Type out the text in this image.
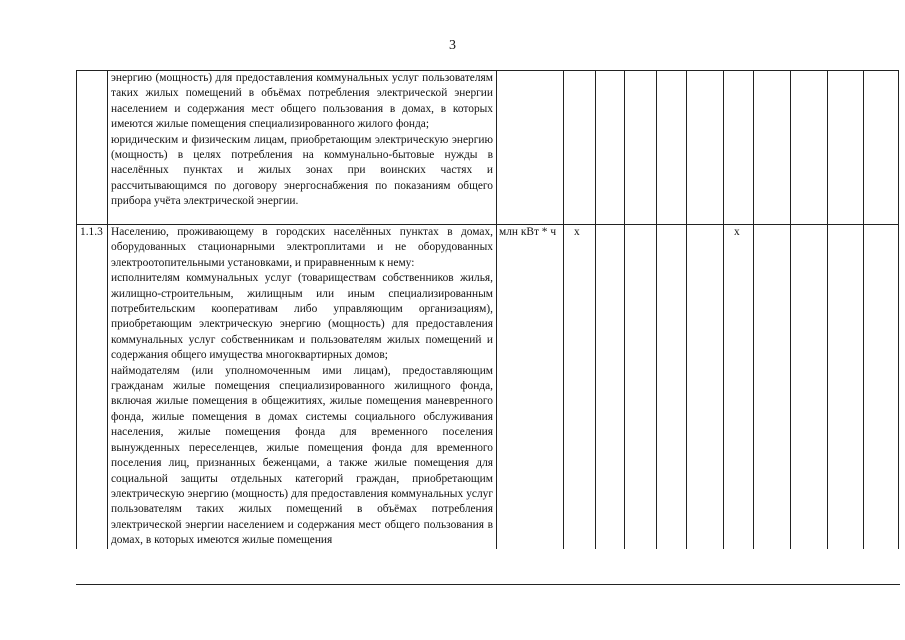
3

	энергию (мощность) для предоставления коммунальных услуг пользователям таких жилых помещений в объёмах потребления электрической энергии населением и содержания мест общего пользования в домах, в которых имеются жилые помещения специализированного жилого фонда;

юридическим и физическим лицам, приобретающим электрическую энергию (мощность) в целях потребления на коммунально-бытовые нужды в населённых пунктах и жилых зонах при воинских частях и рассчитывающимся по договору энергоснабжения по показаниям общего прибора учёта электрической энергии.											

1.1.3	Населению, проживающему в городских населённых пунктах в домах, оборудованных стационарными электроплитами и не оборудованных электроотопительными установками, и приравненным к нему:

исполнителям коммунальных услуг (товариществам собственников жилья, жилищно-строительным, жилищным или иным специализированным потребительским кооперативам либо управляющим организациям), приобретающим электрическую энергию (мощность) для предоставления коммунальных услуг собственникам и пользователям жилых помещений и содержания общего имущества многоквартирных домов;

наймодателям (или уполномоченным ими лицам), предоставляющим гражданам жилые помещения специализированного жилищного фонда, включая жилые помещения в общежитиях, жилые помещения маневренного фонда, жилые помещения в домах системы социального обслуживания населения, жилые помещения фонда для временного поселения вынужденных переселенцев, жилые помещения фонда для временного поселения лиц, признанных беженцами, а также жилые помещения для социальной защиты отдельных категорий граждан, приобретающим электрическую энергию (мощность) для предоставления коммунальных услуг пользователям таких жилых помещений в объёмах потребления электрической энергии населением и содержания мест общего пользования в домах, в которых имеются жилые помещения	млн кВт * ч	х					х				
